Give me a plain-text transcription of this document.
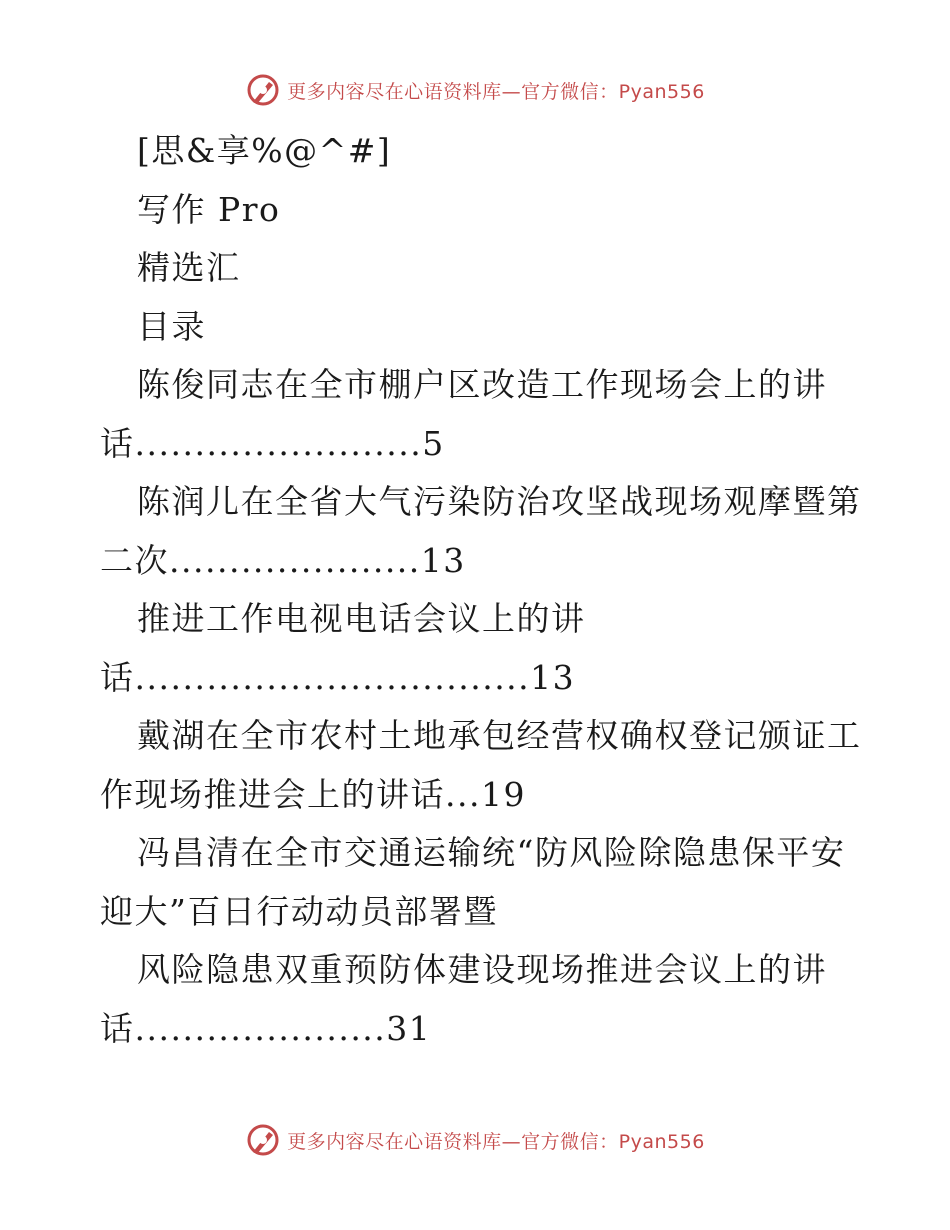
更多内容尽在心语资料库—官方微信：Pyan556
[思&享%@^#]
写作 Pro
精选汇
目录
陈俊同志在全市棚户区改造工作现场会上的讲
话........................5
陈润儿在全省大气污染防治攻坚战现场观摩暨第
二次.....................13
推进工作电视电话会议上的讲
话.................................13
戴湖在全市农村土地承包经营权确权登记颁证工
作现场推进会上的讲话...19
冯昌清在全市交通运输统“防风险除隐患保平安
迎大”百日行动动员部署暨
风险隐患双重预防体建设现场推进会议上的讲
话.....................31
更多内容尽在心语资料库—官方微信：Pyan556
